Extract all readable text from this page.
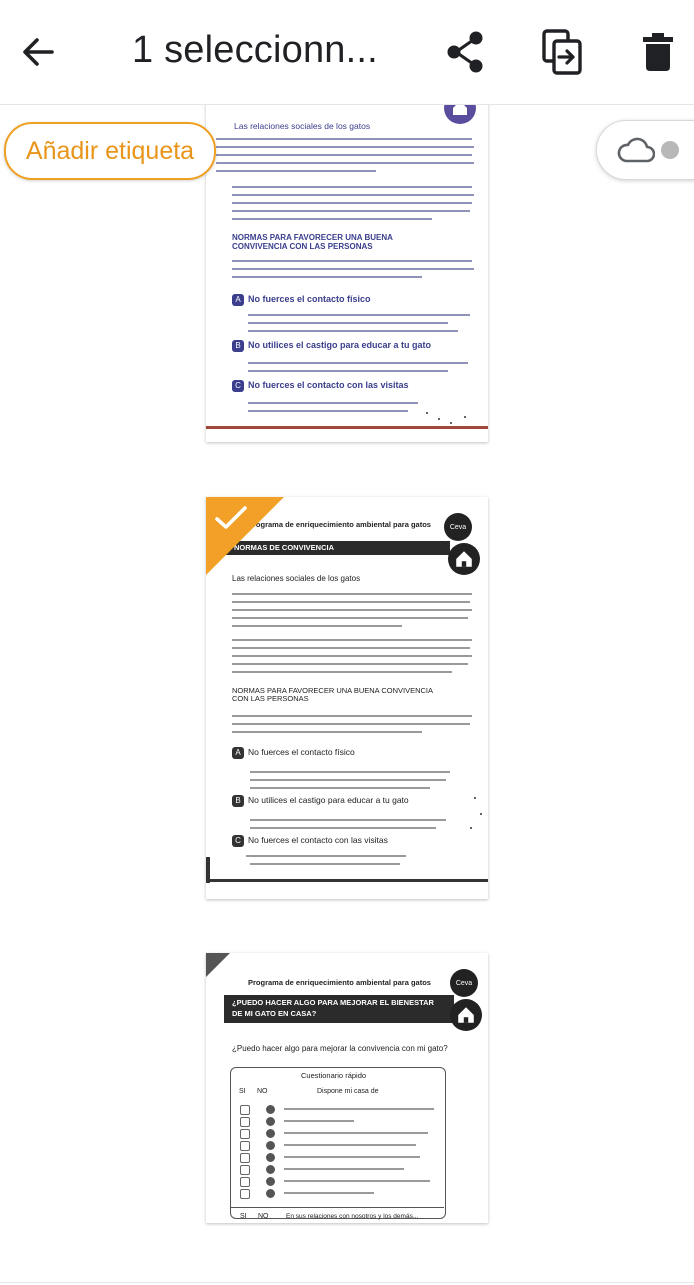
1 seleccionn...
Añadir etiqueta
Las relaciones sociales de los gatos
NORMAS PARA FAVORECER UNA BUENA CONVIVENCIA CON LAS PERSONAS
A No fuerces el contacto físico
B No utilices el castigo para educar a tu gato
C No fuerces el contacto con las visitas
Programa de enriquecimiento ambiental para gatos
NORMAS DE CONVIVENCIA
Ceva
Las relaciones sociales de los gatos
NORMAS PARA FAVORECER UNA BUENA CONVIVENCIA CON LAS PERSONAS
A No fuerces el contacto físico
B No utilices el castigo para educar a tu gato
C No fuerces el contacto con las visitas
Programa de enriquecimiento ambiental para gatos
¿PUEDO HACER ALGO PARA MEJORAR EL BIENESTAR
DE MI GATO EN CASA?
Ceva
¿Puedo hacer algo para mejorar la convivencia con mi gato?
Cuestionario rápido
SI NO	Dispone mi casa de
SI NO	En sus relaciones con nosotros y los demás...
